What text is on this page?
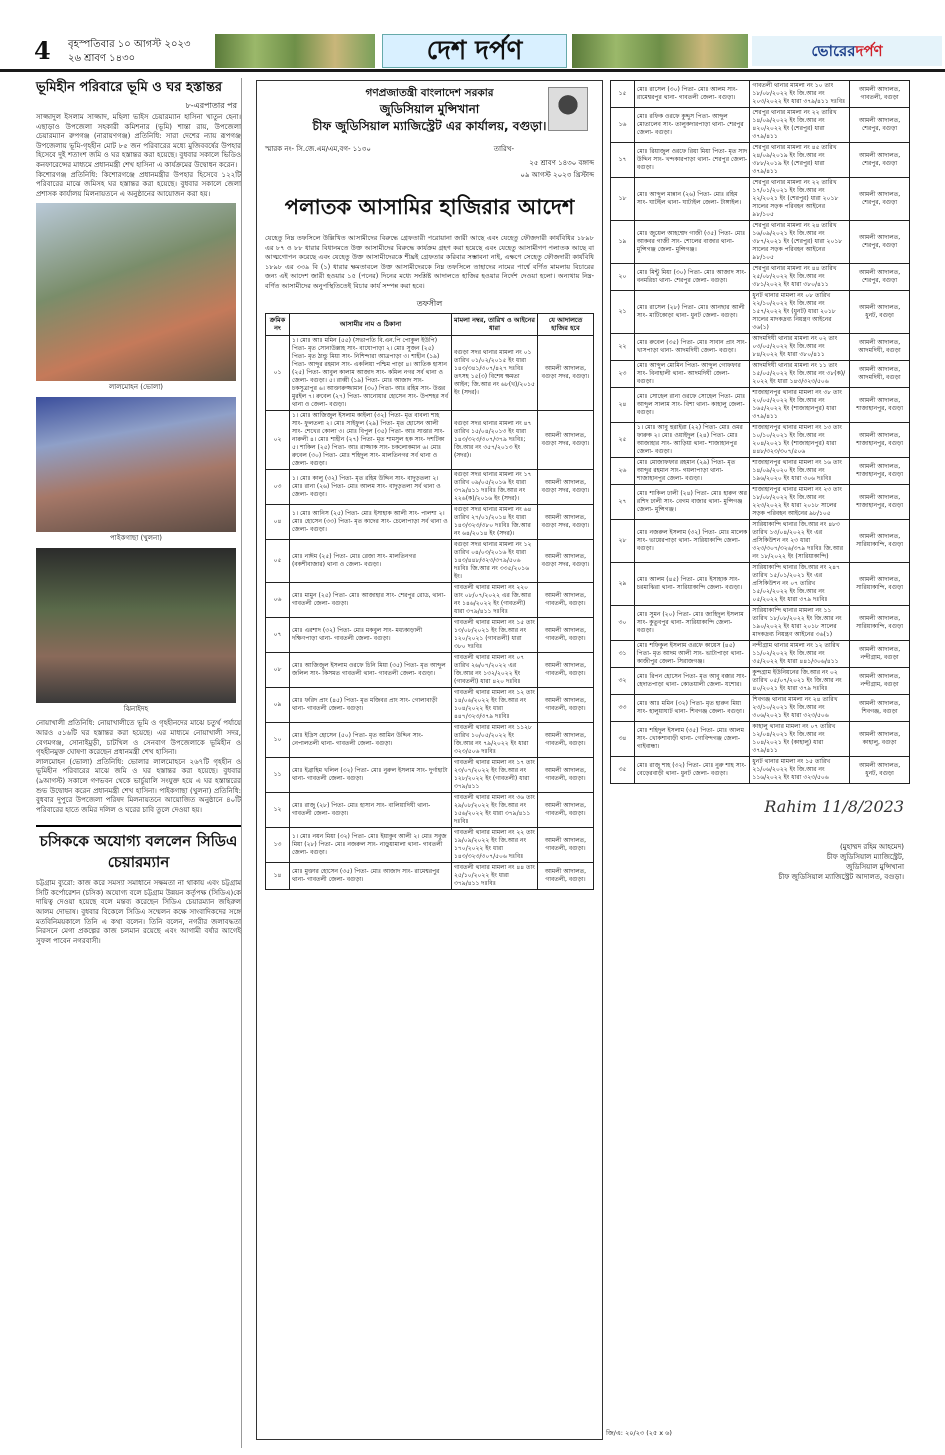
4 বৃহস্পতিবার ১০ আগস্ট ২০২৩
২৬ শ্রাবণ ১৪৩০	দেশ দর্পণ	ভোরেরদর্পণ
ভূমিহীন পরিবারে ভূমি ও ঘর হস্তান্তর
৮-এরপাতার পর

সাজ্জাদুল ইসলাম সাজ্জাদ, মহিলা ভাইস চেয়ারম্যান হাসিনা খাতুন হেনা। এছাড়াও উপজেলা সহকারী কমিশনার (ভূমি) শান্তা রায়, উপজেলা চেয়ারম্যান রুপগঞ্জ (নারায়ণগঞ্জ) প্রতিনিধি: সারা দেশের ন্যায় রূপগঞ্জ উপজেলায় ভূমি-গৃহহীন মোট ৮৫ জন পরিবারের মধ্যে মুজিববর্ষের উপহার হিসেবে দুই শতাংশ জমি ও ঘর হস্তান্তর করা হয়েছে। বুধবার সকালে ভিডিও কনফারেন্সের মাধ্যমে প্রধানমন্ত্রী শেখ হাসিনা এ কার্যক্রমের উদ্বোধন করেন।

কিশোরগঞ্জ প্রতিনিধি: কিশোরগঞ্জে প্রধানমন্ত্রীর উপহার হিসেবে ১২২টি পরিবারের মাঝে জমিসহ ঘর হস্তান্তর করা হয়েছে। বুধবার সকালে জেলা প্রশাসক কার্যালয় মিলনায়তনে এ অনুষ্ঠানের আয়োজন করা হয়।

লালমোহন (ভোলা)
পাইকগাছা (খুলনা)
ঝিনাইদহ

নোয়াখালী প্রতিনিধি: নোয়াখালীতে ভূমি ও গৃহহীনদের মাঝে চতুর্থ পর্যায়ে আরও ৫১৬টি ঘর হস্তান্তর করা হয়েছে। এর মাধ্যমে নোয়াখালী সদর, বেগমগঞ্জ, সোনাইমুড়ী, চাটখিল ও সেনবাগ উপজেলাকে ভূমিহীন ও গৃহহীনমুক্ত ঘোষণা করেছেন প্রধানমন্ত্রী শেখ হাসিনা।

লালমোহন (ভোলা) প্রতিনিধি: ভোলার লালমোহনে ২৬৭টি গৃহহীন ও ভূমিহীন পরিবারের মাঝে জমি ও ঘর হস্তান্তর করা হয়েছে। বুধবার (৯আগস্ট) সকালে গণভবন থেকে ভার্চুয়ালি সংযুক্ত হয়ে এ ঘর হস্তান্তরের শুভ উদ্বোধন করেন প্রধানমন্ত্রী শেখ হাসিনা। পাইকগাছা (খুলনা) প্রতিনিধি: বুধবার দুপুরে উপজেলা পরিষদ মিলনায়তনে আয়োজিত অনুষ্ঠানে ৪০টি পরিবারের হাতে জমির দলিল ও ঘরের চাবি তুলে দেওয়া হয়।

চসিককে অযোগ্য বললেন সিডিএ চেয়ারম্যান

চট্টগ্রাম ব্যুরো: কাজ করে সমস্যা সমাধানে সক্ষমতা না থাকায় এবং চট্টগ্রাম সিটি কর্পোরেশন (চসিক) অযোগ্য বলে চট্টগ্রাম উন্নয়ন কর্তৃপক্ষ (সিডিএ)কে দায়িত্ব দেওয়া হয়েছে বলে মন্তব্য করেছেন সিডিএ চেয়ারম্যান জহিরুল আলম দোভাষ। বুধবার বিকেলে সিডিএ সম্মেলন কক্ষে সাংবাদিকদের সঙ্গে মতবিনিময়কালে তিনি এ কথা বলেন। তিনি বলেন, নগরীর জলাবদ্ধতা নিরসনে মেগা প্রকল্পের কাজ চলমান রয়েছে এবং আগামী বর্ষার আগেই সুফল পাবেন নগরবাসী।

গণপ্রজাতন্ত্রী বাংলাদেশ সরকার
জুডিসিয়াল মুন্সিখানা
চীফ জুডিসিয়াল ম্যাজিস্ট্রেট এর কার্যালয়, বগুড়া।
স্মারক নং- সি.জে.এম/এম,বগ- ১১৩০	তারিখ-
২৫ শ্রাবণ ১৪৩০ বঙ্গাব্দ
০৯ আগস্ট ২০২৩ খ্রিস্টাব্দ
পলাতক আসামির হাজিরার আদেশ

যেহেতু নিম্ন তফসিলে উল্লিখিত আসামীদের বিরুদ্ধে গ্রেফতারী পরোয়ানা জারী আছে এবং যেহেতু ফৌজদারী কার্যবিধির ১৮৯৮ এর ৮৭ ও ৮৮ ধারার বিধানমতে উক্ত আসামীদের বিরুদ্ধে কার্যক্রম গ্রহণ করা হয়েছে এবং যেহেতু আসামীগণ পলাতক আছে বা আত্মগোপন করেছে এবং যেহেতু উক্ত আসামীদেরকে শীঘ্রই গ্রেফতার করিবার সম্ভাবনা নাই, এক্ষণে সেহেতু ফৌজদারী কার্যবিধি ১৮৯৮ এর ৩৩৯ বি (১) ধারার ক্ষমতাবলে উক্ত আসামীদেরকে নিম্ন তফসিলে তাহাদের নামের পার্শ্বে বর্ণিত মামলায় বিচারের জন্য এই আদেশ জারী হওয়ার ১৫ (পনের) দিনের মধ্যে সংশ্লিষ্ট আদালতে হাজির হওয়ার নির্দেশ দেওয়া হলো। অন্যথায় নিম্ন-বর্ণিত আসামীদের অনুপস্থিতিতেই বিচার কার্য সম্পন্ন করা হবে।

তফসীল
ক্রমিক নং	আসামীর নাম ও ঠিকানা	মামলা নম্বর, তারিখ ও আইনের ধারা	যে আদালতে হাজির হবে
০১	১। মোঃ আঃ মমিন (৫৫) (সভাপতি বি.এন.পি পোকুল ইউপি) পিতা- মৃত সোনাউল্লাহ সাং- বাঘোপাড়া ২। মোঃ সুজন (২৫) পিতা- মৃত ঠান্ডু মিয়া সাং- নিশিন্দারা আত্রপাড়া ৩। শাহীন (১৯) পিতা- আব্দুর রহমান সাং- একলিয়া পশ্চিম পাড়া ৪। আতিক হাসান (২৫) পিতা- আবুল কালাম আজাদ সাং- কমিল নগর সর্ব থানা ও জেলা- বগুড়া। ৫। রাব্বী (১৯) পিতা- মোঃ আজাদ সাং- চকসুত্রাপুর ৬। আক্তারুজ্জামান (৩০) পিতা- আঃ রহিম সাং- উত্তর মুরইল ৭। রুবেল (২৭) পিতা- আনোয়ার হোসেন সাং- উপশহর সর্ব থানা ও জেলা- বগুড়া।	বগুড়া সদর থানার মামলা নং ০১ তারিখ ০১/০২/২০১৫ ইং ধারা ১৪৩/৩৪১/৩০৭/৪২৭ দঃবিঃ তৎসহ ১৫(৩) বিশেষ ক্ষমতা আইন; জি.আর নং ৬৮(খ)/২০১৫ ইং (সদর)।	আমলী আদালত, বগুড়া সদর, বগুড়া।
০২	১। মোঃ আজিজুল ইসলাম কাইলা (৩২) পিতা- মৃত বাবলা শাহ সাং- ফুলতলা ২। মোঃ সাইফুল (২৯) পিতা- মৃত হোসেন আলী সাং- শেখের কোলা ৩। মোঃ বিপুল (৩৫) পিতা- আঃ সাত্তার সাং- নারুলী ৪। মোঃ শাহীন (২৭) পিতা- মৃত শামসুল হক সাং- দশটিকা ৫। শাকিল (২৫) পিতা- আঃ রাজ্জাক সাং- চকলোকমান ৬। মোঃ রুবেল (৩০) পিতা- মোঃ শহিদুল সাং- মালতিনগর সর্ব থানা ও জেলা- বগুড়া।	বগুড়া সদর থানার মামলা নং ৪৭ তারিখ ১৫/০৪/২০১৩ ইং ধারা ১৪৩/৩২৩/৩০৭/৩৭৯ দঃবিঃ; জি.আর নং ৩৫৭/২০১৩ ইং (সদর)।	আমলী আদালত, বগুড়া সদর, বগুড়া।
০৩	১। মোঃ কালু (৩২) পিতা- মৃত রহিম উদ্দিন সাং- বাদুড়তলা ২। মোঃ রানা (২৬) পিতা- মোঃ আলম সাং- বাদুড়তলা সর্ব থানা ও জেলা- বগুড়া।	বগুড়া সদর থানার মামলা নং ১৭ তারিখ ০৯/০৫/২০১৬ ইং ধারা ৩৭৯/৪১১ দঃবিঃ জি.আর নং ২২৬(ক)/২০১৬ ইং (সদর)।	আমলী আদালত, বগুড়া সদর, বগুড়া।
০৪	১। মোঃ আনিস (২৫) পিতা- মোঃ ইসাহাক আলী সাং- পালশা ২। মোঃ হোসেন (৩৩) পিতা- মৃত কাদের সাং- চেলোপাড়া সর্ব থানা ও জেলা- বগুড়া।	বগুড়া সদর থানার মামলা নং ৬৪ তারিখ ২৭/০১/২০১৪ ইং ধারা ১৪৩/৩২৩/৩৮০ দঃবিঃ জি.আর নং ৬৪/২০১৪ ইং (সদর)।	আমলী আদালত, বগুড়া সদর, বগুড়া।
০৫	মোঃ নাঈম (২৫) পিতা- মোঃ রেজা সাং- মালতিনগর (বকশীবাজার) থানা ও জেলা- বগুড়া।	বগুড়া সদর থানার মামলা নং ১২ তারিখ ০৪/০৩/২০১৬ ইং ধারা ১৪৩/৪৪৮/৩২৩/৩৭৯/৫০৬ দঃবিঃ জি.আর নং ৩৩৫/২০১৬ ইং।	আমলী আদালত, বগুড়া সদর, বগুড়া।
০৬	মোঃ মামুন (২৫) পিতা- মোঃ আজাহার সাং- শেরপুর রোড, থানা- গাবতলী জেলা- বগুড়া।	গাবতলী থানার মামলা নং ২২০ তাং ০৮/০৭/২০২২ এর জি.আর নং ১৪৬/২০২২ ইং (গাবতলী) ধারা ৩৭৯/৪১১ দঃবিঃ	আমলী আদালত, গাবতলী, বগুড়া।
০৭	মোঃ এরশাদ (৩২) পিতা- মোঃ মকবুল সাং- মধ্যকাড়ালী দক্ষিণপাড়া থানা- গাবতলী জেলা- বগুড়া।	গাবতলী থানার মামলা নং ১৫ তাং ১৩/০৮/২০২১ ইং জি.আর নং ১২০/২০২১ (গাবতলী) ধারা ৩৮০ দঃবিঃ	আমলী আদালত, গাবতলী, বগুড়া।
০৮	মোঃ আজিজুল ইসলাম ওরফে চিনি মিয়া (৩৫) পিতা- মৃত আব্দুল জলিল সাং- কিসমত গাবতলী থানা- গাবতলী জেলা- বগুড়া।	গাবতলী থানার মামলা নং ০৭ তারিখ ২৬/০৭/২০২২ এর জি.আর নং ১৩২/২০২২ ইং (গাবতলী) ধারা ৪২০ দঃবিঃ	আমলী আদালত, গাবতলী, বগুড়া।
০৯	মোঃ ফরিদ প্রাং (৪৫) পিতা- মৃত মজিবর প্রাং সাং- গোলাবাড়ী থানা- গাবতলী জেলা- বগুড়া।	গাবতলী থানার মামলা নং ১২ তাং ১৪/০৬/২০২২ ইং জি.আর নং ১০৪/২০২২ ইং ধারা ৪৪৭/৩২৩/৩৭৯ দঃবিঃ	আমলী আদালত, গাবতলী, বগুড়া।
১০	মোঃ ইদ্রিস হোসেন (৫০) পিতা- মৃত আমিন উদ্দিন সাং- নেপালতলী থানা- গাবতলী জেলা- বগুড়া।	গাবতলী থানার মামলা নং ১১২৮ তারিখ ১০/০৫/২০২২ ইং জি.আর নং ৭৯/২০২২ ইং ধারা ৩২৩/৫০৬ দঃবিঃ	আমলী আদালত, গাবতলী, বগুড়া।
১১	মোঃ ইব্রাহিম খলিল (৩২) পিতা- মোঃ নুরুল ইসলাম সাং- দুর্গাহাটা থানা- গাবতলী জেলা- বগুড়া।	গাবতলী থানার মামলা নং ১৭ তাং ২৩/০৭/২০২২ ইং জি.আর নং ১২৮/২০২২ ইং (গাবতলী) ধারা ৩৭৯/৪১১	আমলী আদালত, গাবতলী, বগুড়া।
১২	মোঃ রাজু (২৮) পিতা- মোঃ হাসান সাং- বালিয়াদিঘী থানা- গাবতলী জেলা- বগুড়া।	গাবতলী থানার মামলা নং ৩৬ তাং ২৯/০৮/২০২২ ইং জি.আর নং ১৫৬/২০২২ ইং ধারা ৩৭৯/৪১১ দঃবিঃ	আমলী আদালত, গাবতলী, বগুড়া।
১৩	১। মোঃ নয়ন মিয়া (৩২) পিতা- মোঃ ইয়াকুব আলী ২। মোঃ সবুজ মিয়া (২৮) পিতা- মোঃ নজরুল সাং- নাড়ুয়ামালা থানা- গাবতলী জেলা- বগুড়া।	গাবতলী থানার মামলা নং ২২ তাং ১৯/০৯/২০২২ ইং জি.আর নং ১৭০/২০২২ ইং ধারা ১৪৩/৩২৩/৩০৭/৫০৬ দঃবিঃ	আমলী আদালত, গাবতলী, বগুড়া।
১৪	মোঃ মুক্তার হোসেন (৩৫) পিতা- মোঃ আজাদ সাং- রামেশ্বরপুর থানা- গাবতলী জেলা- বগুড়া।	গাবতলী থানার মামলা নং ৪৪ তাং ২৫/১০/২০২২ ইং ধারা ৩৭৯/৪১১ দঃবিঃ	আমলী আদালত, গাবতলী, বগুড়া।
১৫	মোঃ রাসেল (৩০) পিতা- মোঃ আলম সাং- রামেশ্বরপুর থানা- গাবতলী জেলা- বগুড়া।	গাবতলী থানার মামলা নং ১০ তাং ১৮/০৮/২০২২ ইং জি.আর নং ২০৩/২০২২ ইং ধারা ৩৭৯/৪১১ দঃবিঃ	আমলী আদালত, গাবতলী, বগুড়া
১৬	মোঃ রফিক ওরফে কুদ্দুস পিতা- আব্দুল মোতালেব সাং- তালুকদারপাড়া থানা- শেরপুর জেলা- বগুড়া।	শেরপুর থানার মামলা নং ২২ তারিখ ১৪/০৯/২০২২ ইং জি.আর নং ৪২০/২০২২ ইং (শেরপুর) ধারা ৩৭৯/৪১১	আমলী আদালত, শেরপুর, বগুড়া
১৭	মোঃ রিয়াজুল ওরফে রিয়া মিয়া পিতা- মৃত সাদ উদ্দিন সাং- খন্দকারপাড়া থানা- শেরপুর জেলা- বগুড়া।	শেরপুর থানার মামলা নং ৪৫ তারিখ ২৪/০৯/২০১৯ ইং জি.আর নং ৩৮৮/২০১৯ ইং (শেরপুর) ধারা ৩৭৯/৪১১	আমলী আদালত, শেরপুর, বগুড়া
১৮	মোঃ আব্দুল মান্নান (২৬) পিতা- মোঃ রহিম সাং- ঘাটইল থানা- ঘাটাইল জেলা- টাঙ্গাইল।	শেরপুর থানার মামলা নং ২২ তারিখ ১৭/০১/২০২১ ইং জি.আর নং ২২/২০২১ ইং (শেরপুর) ধারা ২০১৮ সালের সড়ক পরিবহন আইনের ৯৮/১০৫	আমলী আদালত, শেরপুর, বগুড়া
১৯	মোঃ জুয়েল আহম্মেদ গাজী (৩৫) পিতা- মোঃ আকবর গাজী সাং- শোলের বাজার থানা- মুন্সিগঞ্জ জেলা- মুন্সিগঞ্জ।	শেরপুর থানার মামলা নং ২৪ তারিখ ১৬/০৯/২০২১ ইং জি.আর নং ৩৮৭/২০২১ ইং (শেরপুর) ধারা ২০১৮ সালের সড়ক পরিবহন আইনের ৯৮/১০৫	আমলী আদালত, শেরপুর, বগুড়া
২০	মোঃ মিন্টু মিয়া (৩০) পিতা- মোঃ আজাদ সাং- বনমরিচা থানা- শেরপুর জেলা- বগুড়া।	শেরপুর থানার মামলা নং ৪৪ তারিখ ২৫/০৮/২০২২ ইং জি.আর নং ৩৮১/২০২২ ইং ধারা ৩৮০/৪১১	আমলী আদালত, শেরপুর, বগুড়া
২১	মোঃ রাসেল (২৮) পিতা- মোঃ আনছার আলী সাং- মাটিকোড়া থানা- ধুনট জেলা- বগুড়া।	ধুনট থানার মামলা নং ০৮ তারিখ ২২/১০/২০২২ ইং জি.আর নং ১৫৭/২০২২ ইং (ধুনট) ধারা ২০১৮ সালের মাদকদ্রব্য নিয়ন্ত্রণ আইনের ৩৬(১)	আমলী আদালত, ধুনট, বগুড়া
২২	মোঃ রুবেল (৩৫) পিতা- মোঃ সাবান প্রাং সাং- খাসপাড়া থানা- আদমদিঘী জেলা- বগুড়া।	আদমদিঘী থানার মামলা নং ০২ তাং ০৩/০৫/২০২২ ইং জি.আর নং ৮৪/২০২২ ইং ধারা ৩৮০/৪১১	আমলী আদালত, আদমদিঘী, বগুড়া
২৩	মোঃ আব্দুল মোমিন পিতা- আব্দুল গোফফার সাং- বিনাহালী থানা- আদমদিঘী জেলা- বগুড়া।	আদমদিঘী থানার মামলা নং ১১ তাং ১৫/০৫/২০২২ ইং জি.আর নং ৩৮(ক)/২০২২ ইং ধারা ১৪৩/৩২৩/৫০৬	আমলী আদালত, আদমদিঘী, বগুড়া
২৪	মোঃ সোহেল রানা ওরফে সোহেল পিতা- মোঃ আব্দুল সালাম সাং- বিশা থানা- কাহালু জেলা- বগুড়া।	শাজাহানপুর থানার মামলা নং ৩৮ তাং ২০/০৫/২০২২ ইং জি.আর নং ১৬৫/২০২২ ইং (শাজাহানপুর) ধারা ৩৭৯/৪১১	আমলী আদালত, শাজাহানপুর, বগুড়া
২৫	১। মোঃ আবু হুরাইরা (২২) পিতা- মোঃ ওমর ফারুক ২। মোঃ ওয়াইদুল (২৪) পিতা- মোঃ আজাহার সাং- আড়িয়া থানা- শাজাহানপুর জেলা- বগুড়া।	শাজাহানপুর থানার মামলা নং ১৩ তাং ১০/১০/২০২১ ইং জি.আর নং ২০৪/২০২১ ইং (শাজাহানপুর) ধারা ৪৪৮/৩২৩/৩০৭/৫০৬	আমলী আদালত, শাজাহানপুর, বগুড়া
২৬	মোঃ মোজাফফার রহমান (২৯) পিতা- মৃত আব্দুর রহমান সাং- গয়লাপাড়া থানা- শাজাহানপুর জেলা- বগুড়া।	শাজাহানপুর থানার মামলা নং ১৬ তাং ১৪/০৯/২০২০ ইং জি.আর নং ১৯৬/২০২০ ইং ধারা ৩০৬ দঃবিঃ	আমলী আদালত, শাজাহানপুর, বগুড়া
২৭	মোঃ শাকিল ঢালী (২৪) পিতা- মোঃ হারুন অর রশিদ ঢালী সাং- বেগম বাজার থানা- মুন্সিগঞ্জ জেলা- মুন্সিগঞ্জ।	শাজাহানপুর থানার মামলা নং ২৩ তাং ১৮/০৮/২০২২ ইং জি.আর নং ২২৩/২০২২ ইং ধারা ২০১৮ সালের সড়ক পরিবহন আইনের ৯৮/১০৫	আমলী আদালত, শাজাহানপুর, বগুড়া
২৮	মোঃ নজরুল ইসলাম (৩২) পিতা- মোঃ মালেক সাং- ভায়েরপাড়া থানা- সারিয়াকান্দি জেলা- বগুড়া।	সারিয়াকান্দি থানার জি.আর নং ৪৮৩ তারিখ ১৩/০৪/২০২২ ইং এর প্রসিকিউশন নং ২৩ ধারা ৩২৩/৩০৭/৩২৬/৩৭৯ দঃবিঃ জি.আর নং ১৮/২০২২ ইং (সারিয়াকান্দি)	আমলী আদালত, সারিয়াকান্দি, বগুড়া
২৯	মোঃ আলম (৪৫) পিতা- মোঃ ইসাহাক সাং- চরমাঝিরা থানা- সারিয়াকান্দি জেলা- বগুড়া।	সারিয়াকান্দি থানার জি.আর নং ২৪৭ তারিখ ১৫/০১/২০২১ ইং এর প্রসিকিউশন নং ০৭ তারিখ ১৫/০২/২০২২ ইং জি.আর নং ০৫/২০২২ ইং ধারা ৩৭৯ দঃবিঃ	আমলী আদালত, সারিয়াকান্দি, বগুড়া
৩০	মোঃ সুমন (২০) পিতা- মোঃ জাহিদুল ইসলাম সাং- কুতুবপুর থানা- সারিয়াকান্দি জেলা- বগুড়া।	সারিয়াকান্দি থানার মামলা নং ১১ তারিখ ১৮/০৮/২০২২ ইং জি.আর নং ১৯০/২০২২ ইং ধারা ২০১৮ সালের মাদকদ্রব্য নিয়ন্ত্রণ আইনের ৩৬(১)	আমলী আদালত, সারিয়াকান্দি, বগুড়া
৩১	মোঃ শফিকুল ইসলাম ওরফে কায়েস (৪৫) পিতা- মৃত আদম আলী সাং- ভাটাপাড়া থানা- কাজীপুর জেলা- সিরাজগঞ্জ।	নন্দীগ্রাম থানার মামলা নং ১২ তারিখ ১১/০২/২০২২ ইং জি.আর নং ৩৫/২০২২ ইং ধারা ৪৪১/৩০৬/৪১১	আমলী আদালত, নন্দীগ্রাম, বগুড়া
৩২	মোঃ রিপন হোসেন পিতা- মৃত আবু বক্কার সাং- হেদাতপাড়া থানা- কোতয়ালী জেলা- যশোর।	কুন্দগ্রাম ইউনিয়নের জি.আর নং ০২ তারিখ ০৫/০৭/২০২১ ইং জি.আর নং ৪০/২০২১ ইং ধারা ৩৭৯ দঃবিঃ	আমলী আদালত, নন্দীগ্রাম, বগুড়া
৩৩	মোঃ আঃ মমিন (৩২) পিতা- মৃত হারুন মিয়া সাং- হালুয়াঘাট থানা- শিবগঞ্জ জেলা- বগুড়া।	শিবগঞ্জ থানার মামলা নং ২৪ তারিখ ২৩/১০/২০২১ ইং জি.আর নং ৩০৬/২০২১ ইং ধারা ৩২৩/৫০৬	আমলী আদালত, শিবগঞ্জ, বগুড়া
৩৪	মোঃ শহিদুল ইসলাম (৩৫) পিতা- মোঃ আলম সাং- খোকশাবাড়ী থানা- গোবিন্দগঞ্জ জেলা- গাইবান্ধা।	কাহালু থানার মামলা নং ০৭ তারিখ ১২/০৪/২০২১ ইং জি.আর নং ১০৪/২০২১ ইং (কাহালু) ধারা ৩৭৯/৪১১	আমলী আদালত, কাহালু, বগুড়া
৩৫	মোঃ রাজু শাহ (৩২) পিতা- মোঃ নুরু শাহ সাং- বেড়েরবাড়ী থানা- ধুনট জেলা- বগুড়া।	ধুনট থানার মামলা নং ১৫ তারিখ ২১/০৬/২০২২ ইং জি.আর নং ১১৬/২০২২ ইং ধারা ৩২৩/৫০৬	আমলী আদালত, ধুনট, বগুড়া
Rahim 11/8/2023
(মুহাম্মদ রহিম আহমেদ)
চীফ জুডিসিয়াল ম্যাজিস্ট্রেট,
জুডিসিয়াল মুন্সিখানা
চীফ জুডিসিয়াল ম্যাজিস্ট্রেট আদালত, বগুড়া।
জি/এ: ২০/২৩ (২৫ x ৬)
